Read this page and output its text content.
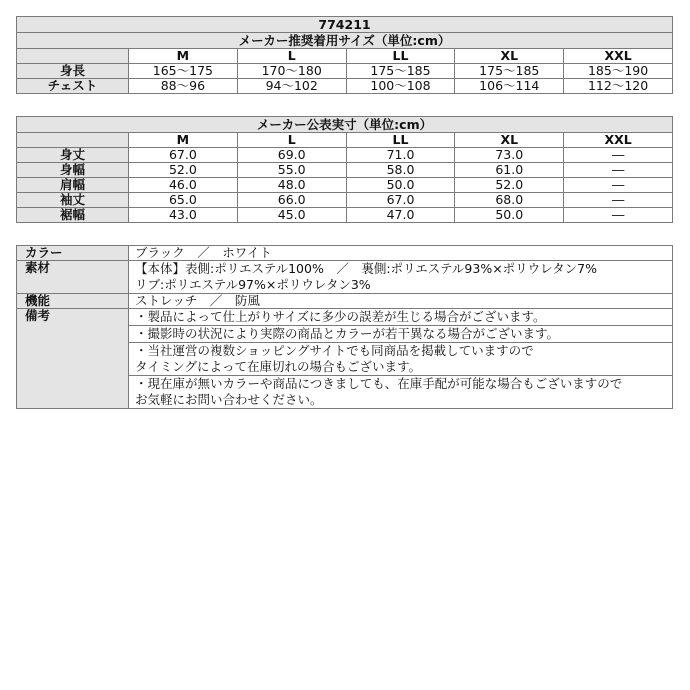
774211					
メーカー推奨着用サイズ（単位:cm）					
	M	L	LL	XL	XXL
身長	165〜175	170〜180	175〜185	175〜185	185〜190
チェスト	88〜96	94〜102	100〜108	106〜114	112〜120
メーカー公表実寸（単位:cm）					
	M	L	LL	XL	XXL
身丈	67.0	69.0	71.0	73.0	―
身幅	52.0	55.0	58.0	61.0	―
肩幅	46.0	48.0	50.0	52.0	―
袖丈	65.0	66.0	67.0	68.0	―
裾幅	43.0	45.0	47.0	50.0	―
カラー	ブラック　／　ホワイト
素材	【本体】表側:ポリエステル100%　／　裏側:ポリエステル93%×ポリウレタン7%
リブ:ポリエステル97%×ポリウレタン3%

機能	ストレッチ　／　防風
備考	・製品によって仕上がりサイズに多少の誤差が生じる場合がございます。

	・撮影時の状況により実際の商品とカラーが若干異なる場合がございます。

	・当社運営の複数ショッピングサイトでも同商品を掲載していますので
タイミングによって在庫切れの場合もございます。

	・現在庫が無いカラーや商品につきましても、在庫手配が可能な場合もございますので
お気軽にお問い合わせください。
